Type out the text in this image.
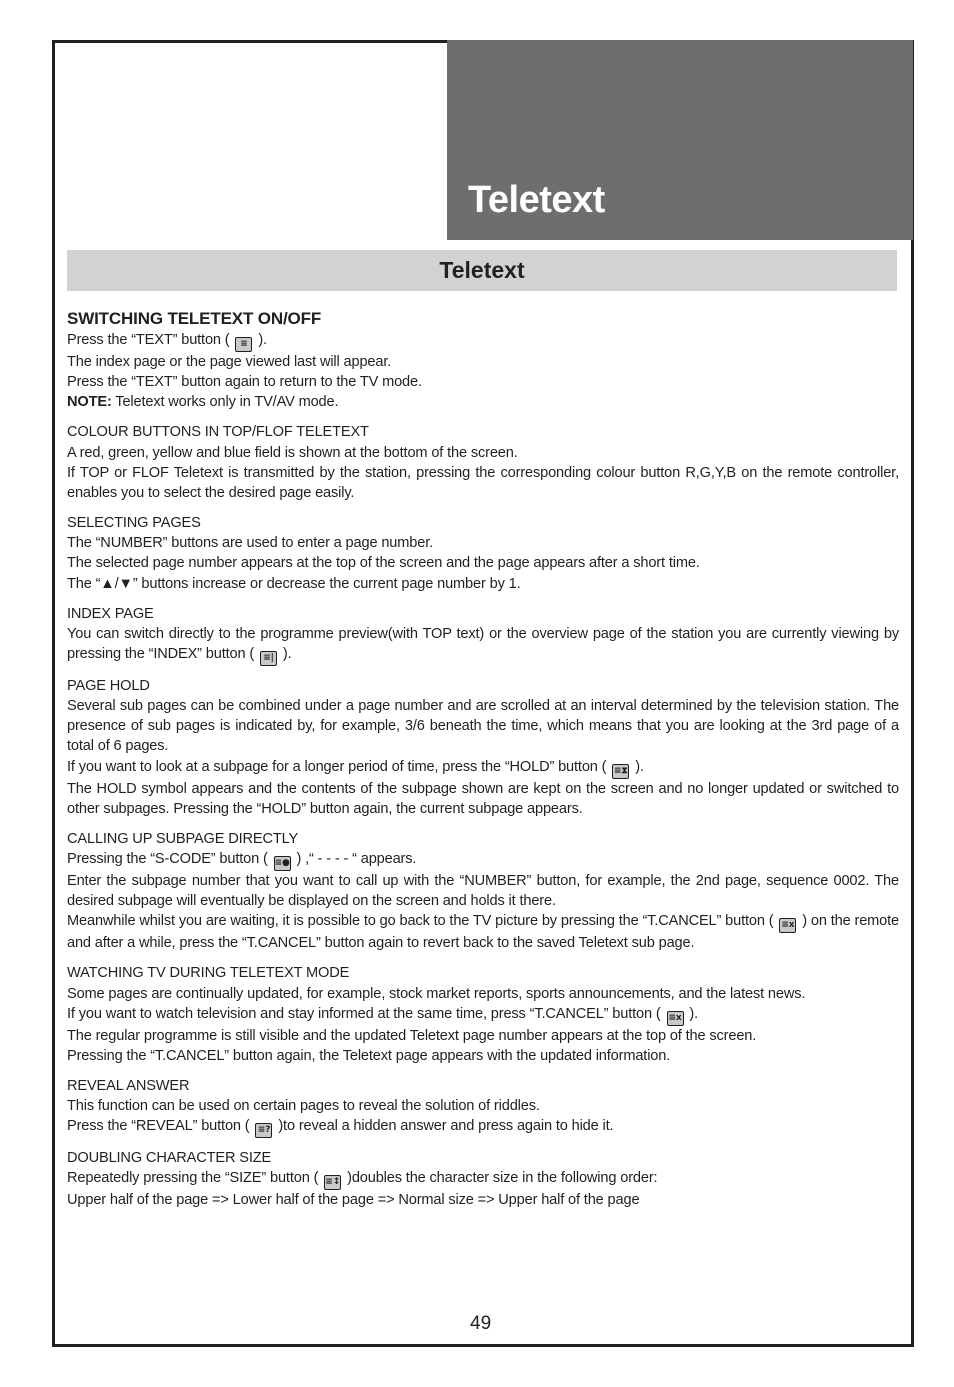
Teletext
Teletext
SWITCHING TELETEXT ON/OFF
Press the “TEXT” button ( ≡ ).
The index page or the page viewed last will appear.
Press the “TEXT” button again to return to the TV mode.
NOTE: Teletext works only in TV/AV mode.
COLOUR BUTTONS IN TOP/FLOF TELETEXT
A red, green, yellow and blue field is shown at the bottom of the screen.
If TOP or FLOF Teletext is transmitted by the station, pressing the corresponding colour button R,G,Y,B on the remote controller, enables you to select the desired page easily.
SELECTING PAGES
The “NUMBER” buttons are used to enter a page number.
The selected page number appears at the top of the screen and the page appears after a short time.
The “▲/▼” buttons increase or decrease the current page number by 1.
INDEX PAGE
You can switch directly to the programme preview(with TOP text) or the overview page of the station you are currently viewing by pressing the “INDEX” button ( ≡| ).
PAGE HOLD
Several sub pages can be combined under a page number and are scrolled at an interval determined by the television station. The presence of sub pages is indicated by, for example, 3/6 beneath the time, which means that you are looking at the 3rd page of a total of 6 pages.
If you want to look at a subpage for a longer period of time, press the “HOLD” button ( ≡⧗ ).
The HOLD symbol appears and the contents of the subpage shown are kept on the screen and no longer updated or switched to other subpages. Pressing the “HOLD” button again, the current subpage appears.
CALLING UP SUBPAGE DIRECTLY
Pressing the “S-CODE” button ( ≡● ) ,“ - - - - “ appears.
Enter the subpage number that you want to call up with the “NUMBER” button, for example, the 2nd page, sequence 0002. The desired subpage will eventually be displayed on the screen and holds it there.
Meanwhile whilst you are waiting, it is possible to go back to the TV picture by pressing the “T.CANCEL” button ( ≡x ) on the remote and after a while, press the “T.CANCEL” button again to revert back to the saved Teletext sub page.
WATCHING TV DURING TELETEXT MODE
Some pages are continually updated, for example, stock market reports, sports announcements, and the latest news.
If you want to watch television and stay informed at the same time, press “T.CANCEL” button ( ≡x ).
The regular programme is still visible and the updated Teletext page number appears at the top of the screen.
Pressing the “T.CANCEL” button again, the Teletext page appears with the updated information.
REVEAL ANSWER
This function can be used on certain pages to reveal the solution of riddles.
Press the “REVEAL” button ( ≡? )to reveal a hidden answer and press again to hide it.
DOUBLING CHARACTER SIZE
Repeatedly pressing the “SIZE” button ( ≡↕ )doubles the character size in the following order:
Upper half of the page => Lower half of the page => Normal size => Upper half of the page
49
